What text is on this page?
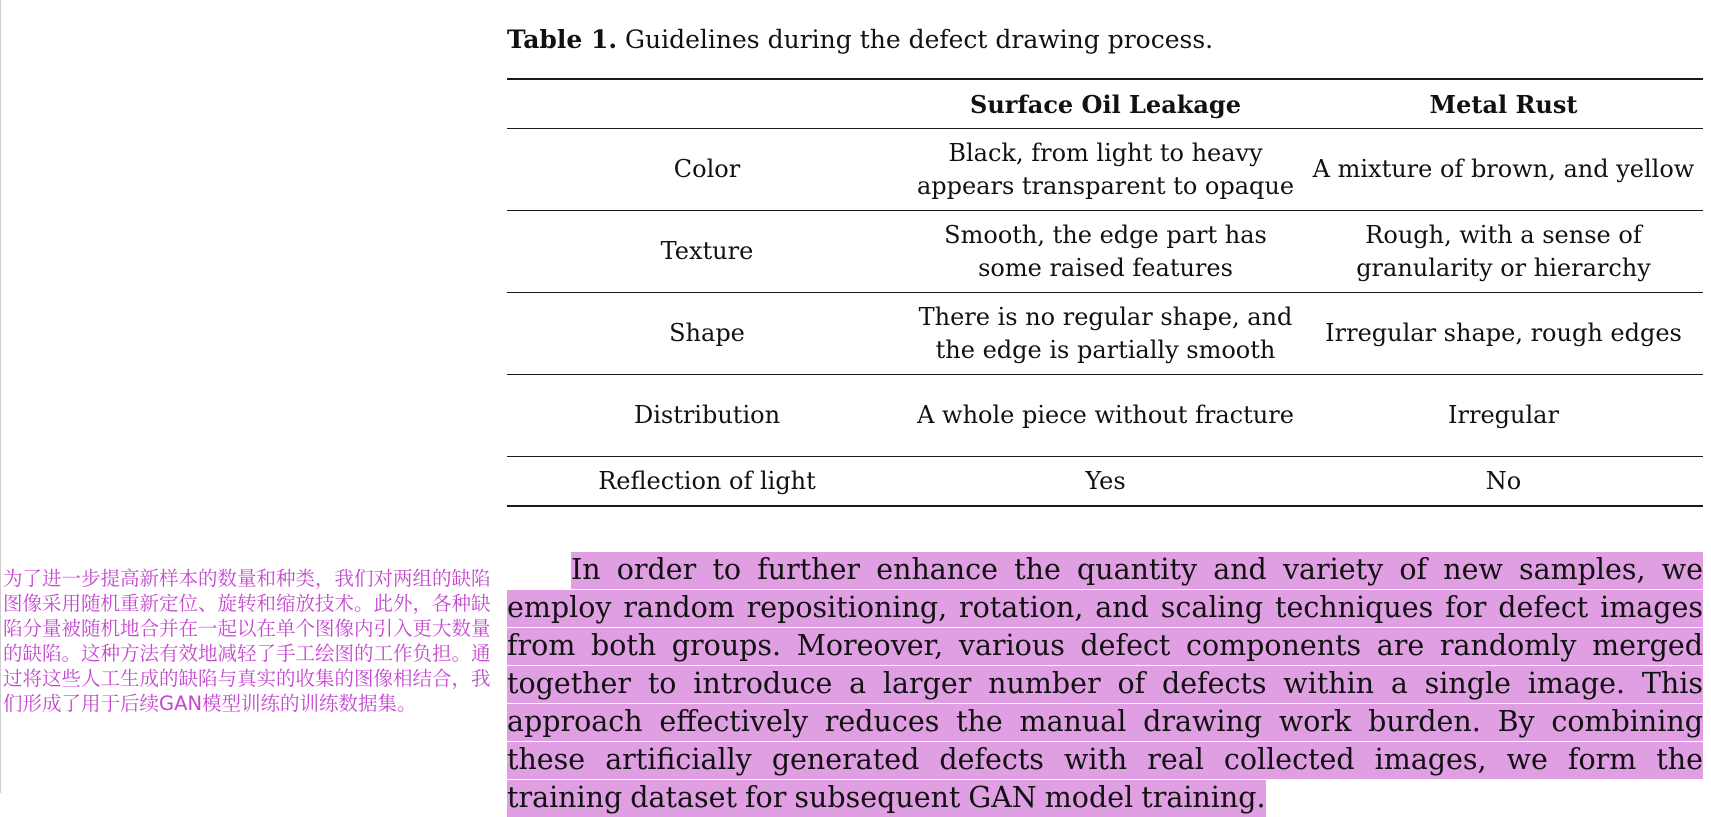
Table 1. Guidelines during the defect drawing process.
	Surface Oil Leakage	Metal Rust
Color	Black, from light to heavy appears transparent to opaque	A mixture of brown, and yellow
Texture	Smooth, the edge part has some raised features	Rough, with a sense of granularity or hierarchy
Shape	There is no regular shape, and the edge is partially smooth	Irregular shape, rough edges
Distribution	A whole piece without fracture	Irregular
Reflection of light	Yes	No

In order to further enhance the quantity and variety of new samples, we employ random repositioning, rotation, and scaling techniques for defect images from both groups. Moreover, various defect components are randomly merged together to introduce a larger number of defects within a single image. This approach effectively reduces the manual drawing work burden. By combining these artificially generated defects with real collected images, we form the training dataset for subsequent GAN model training.

为了进一步提高新样本的数量和种类，我们对两组的缺陷图像采用随机重新定位、旋转和缩放技术。此外，各种缺陷分量被随机地合并在一起以在单个图像内引入更大数量的缺陷。这种方法有效地减轻了手工绘图的工作负担。通过将这些人工生成的缺陷与真实的收集的图像相结合，我们形成了用于后续GAN模型训练的训练数据集。
